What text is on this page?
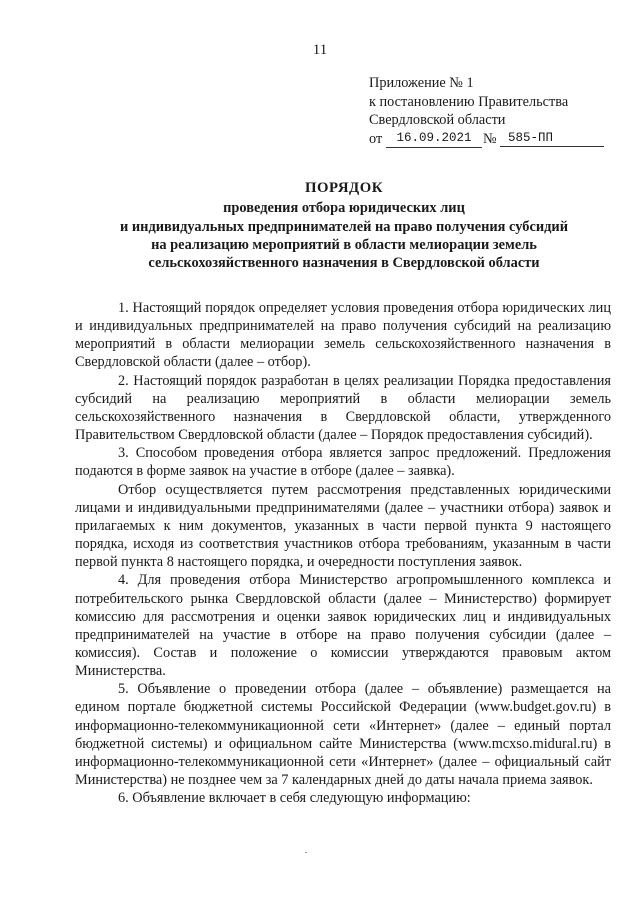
11
Приложение № 1
к постановлению Правительства
Свердловской области
от	16.09.2021 № 585-ПП
ПОРЯДОК
проведения отбора юридических лиц
и индивидуальных предпринимателей на право получения субсидий
на реализацию мероприятий в области мелиорации земель
сельскохозяйственного назначения в Свердловской области

1. Настоящий порядок определяет условия проведения отбора юридических лиц и индивидуальных предпринимателей на право получения субсидий на реализацию мероприятий в области мелиорации земель сельскохозяйственного назначения в Свердловской области (далее – отбор).

2. Настоящий порядок разработан в целях реализации Порядка предоставления субсидий на реализацию мероприятий в области мелиорации земель сельскохозяйственного назначения в Свердловской области, утвержденного Правительством Свердловской области (далее – Порядок предоставления субсидий).

3. Способом проведения отбора является запрос предложений. Предложения подаются в форме заявок на участие в отборе (далее – заявка).

Отбор осуществляется путем рассмотрения представленных юридическими лицами и индивидуальными предпринимателями (далее – участники отбора) заявок и прилагаемых к ним документов, указанных в части первой пункта 9 настоящего порядка, исходя из соответствия участников отбора требованиям, указанным в части первой пункта 8 настоящего порядка, и очередности поступления заявок.

4. Для проведения отбора Министерство агропромышленного комплекса и потребительского рынка Свердловской области (далее – Министерство) формирует комиссию для рассмотрения и оценки заявок юридических лиц и индивидуальных предпринимателей на участие в отборе на право получения субсидии (далее – комиссия). Состав и положение о комиссии утверждаются правовым актом Министерства.

5. Объявление о проведении отбора (далее – объявление) размещается на едином портале бюджетной системы Российской Федерации (www.budget.gov.ru) в информационно-телекоммуникационной сети «Интернет» (далее – единый портал бюджетной системы) и официальном сайте Министерства (www.mcxso.midural.ru) в информационно-телекоммуникационной сети «Интернет» (далее – официальный сайт Министерства) не позднее чем за 7 календарных дней до даты начала приема заявок.

6. Объявление включает в себя следующую информацию:
